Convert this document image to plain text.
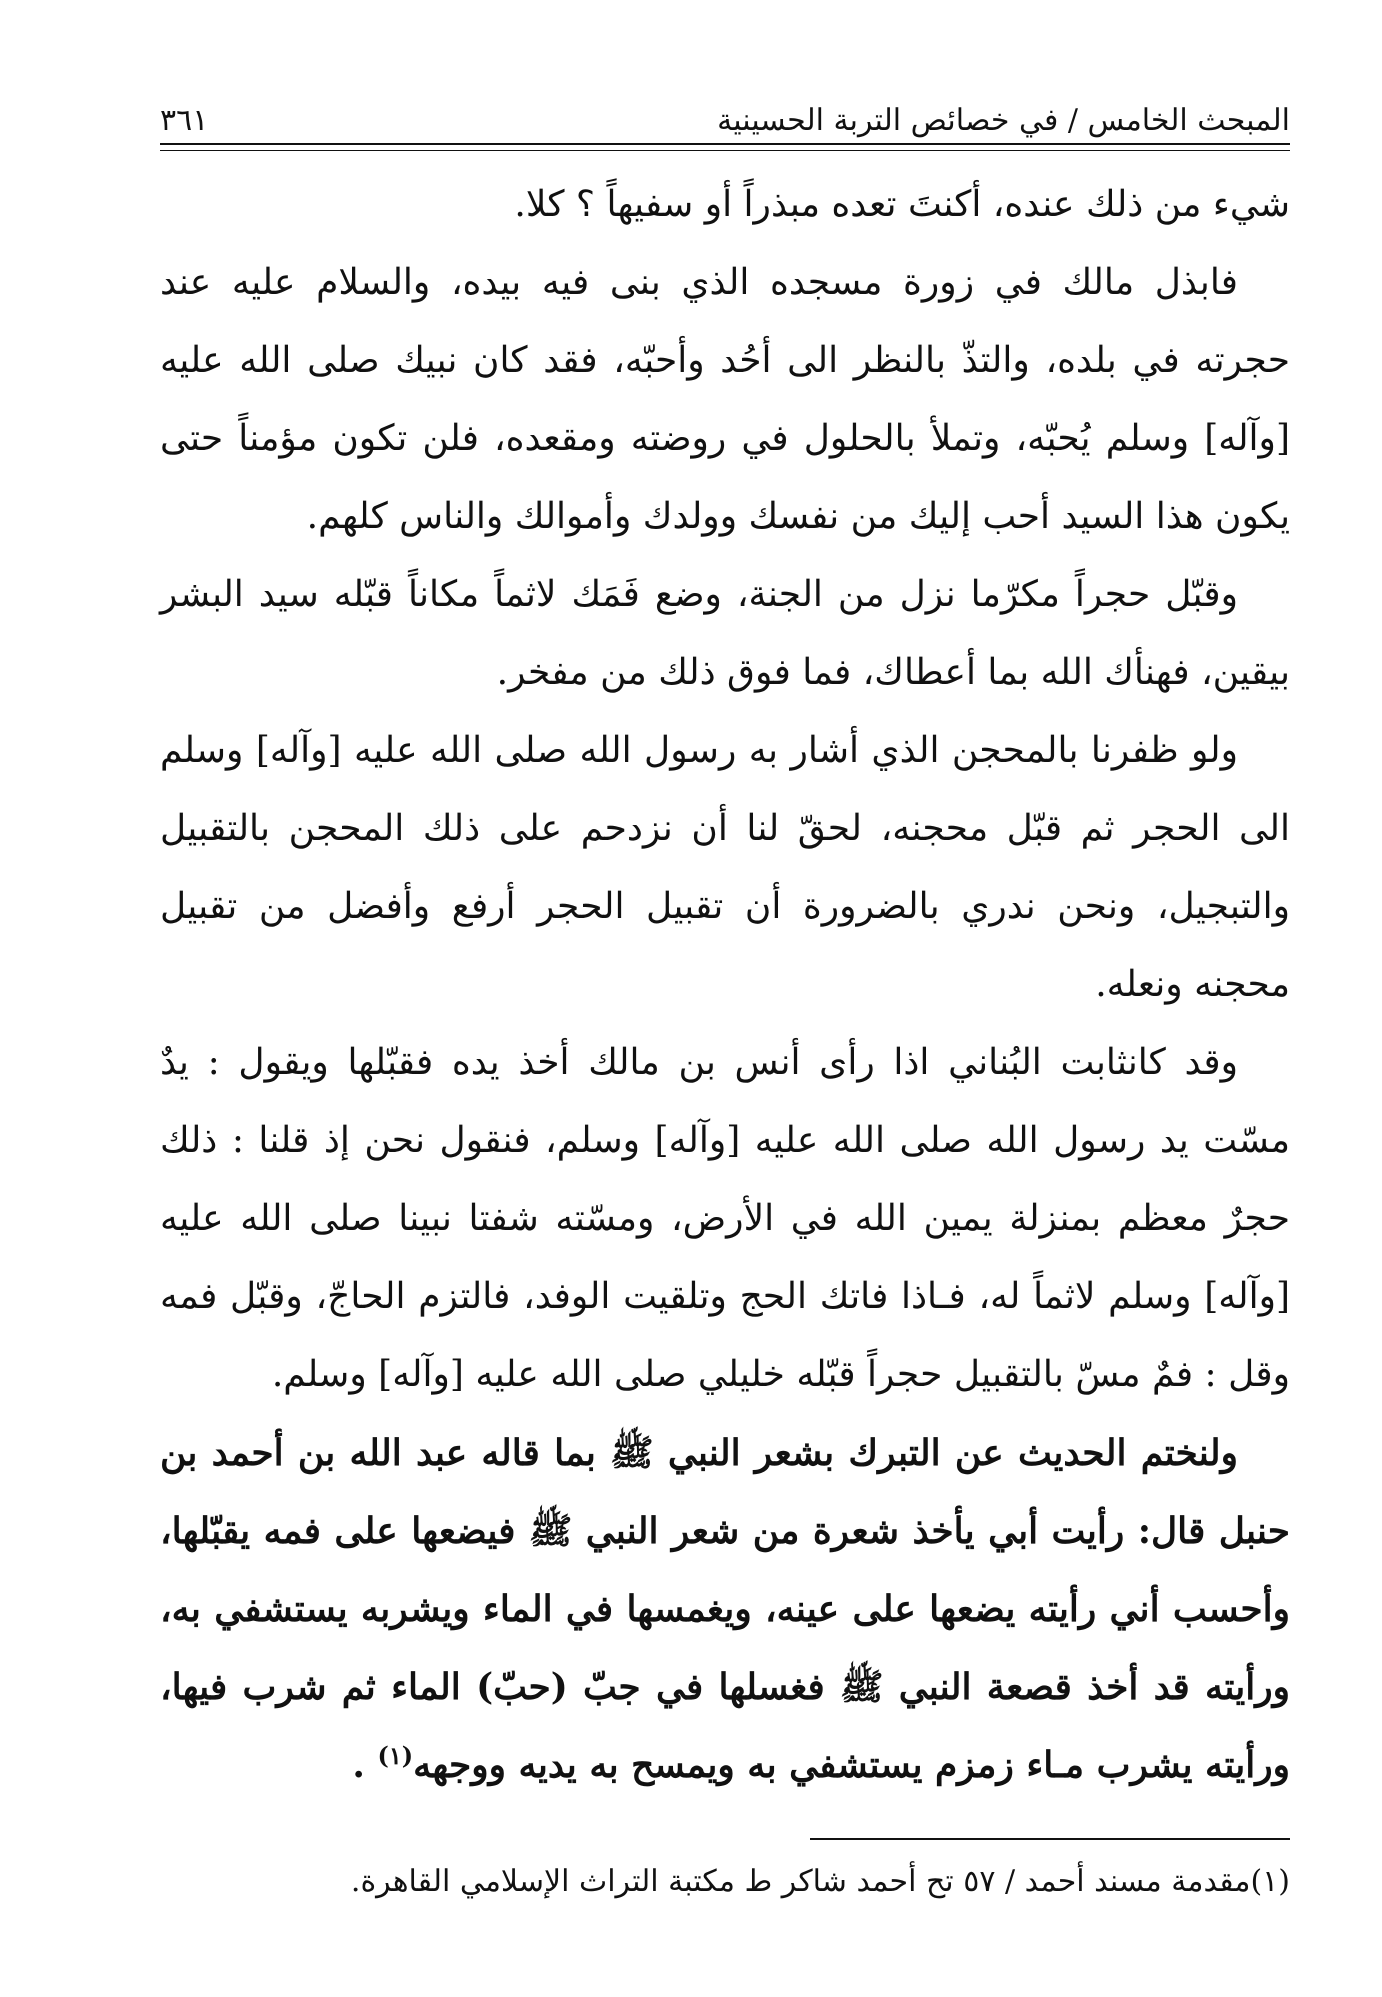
المبحث الخامس / في خصائص التربة الحسينية
٣٦١

شيء من ذلك عنده، أكنتَ تعده مبذراً أو سفيهاً ؟ كلا.

فابذل مالك في زورة مسجده الذي بنى فيه بيده، والسلام عليه عند حجرته في بلده، والتذّ بالنظر الى أحُد وأحبّه، فقد كان نبيك صلى الله عليه [وآله] وسلم يُحبّه، وتملأ بالحلول في روضته ومقعده، فلن تكون مؤمناً حتى يكون هذا السيد أحب إليك من نفسك وولدك وأموالك والناس كلهم.

وقبّل حجراً مكرّما نزل من الجنة، وضع فَمَك لاثماً مكاناً قبّله سيد البشر بيقين، فهنأك الله بما أعطاك، فما فوق ذلك من مفخر.

ولو ظفرنا بالمحجن الذي أشار به رسول الله صلى الله عليه [وآله] وسلم الى الحجر ثم قبّل محجنه، لحقّ لنا أن نزدحم على ذلك المحجن بالتقبيل والتبجيل، ونحن ندري بالضرورة أن تقبيل الحجر أرفع وأفضل من تقبيل محجنه ونعله.

وقد كانثابت البُناني اذا رأى أنس بن مالك أخذ يده فقبّلها ويقول : يدٌ مسّت يد رسول الله صلى الله عليه [وآله] وسلم، فنقول نحن إذ قلنا : ذلك حجرٌ معظم بمنزلة يمين الله في الأرض، ومسّته شفتا نبينا صلى الله عليه [وآله] وسلم لاثماً له، فـاذا فاتك الحج وتلقيت الوفد، فالتزم الحاجّ، وقبّل فمه وقل : فمٌ مسّ بالتقبيل حجراً قبّله خليلي صلى الله عليه [وآله] وسلم.

ولنختم الحديث عن التبرك بشعر النبي ﷺ بما قاله عبد الله بن أحمد بن حنبل قال: رأيت أبي يأخذ شعرة من شعر النبي ﷺ فيضعها على فمه يقبّلها، وأحسب أني رأيته يضعها على عينه، ويغمسها في الماء ويشربه يستشفي به، ورأيته قد أخذ قصعة النبي ﷺ فغسلها في جبّ (حبّ) الماء ثم شرب فيها، ورأيته يشرب مـاء زمزم يستشفي به ويمسح به يديه ووجهه$^{(١)}$ .

(١)مقدمة مسند أحمد / ٥٧ تح أحمد شاكر ط مكتبة التراث الإسلامي القاهرة.
